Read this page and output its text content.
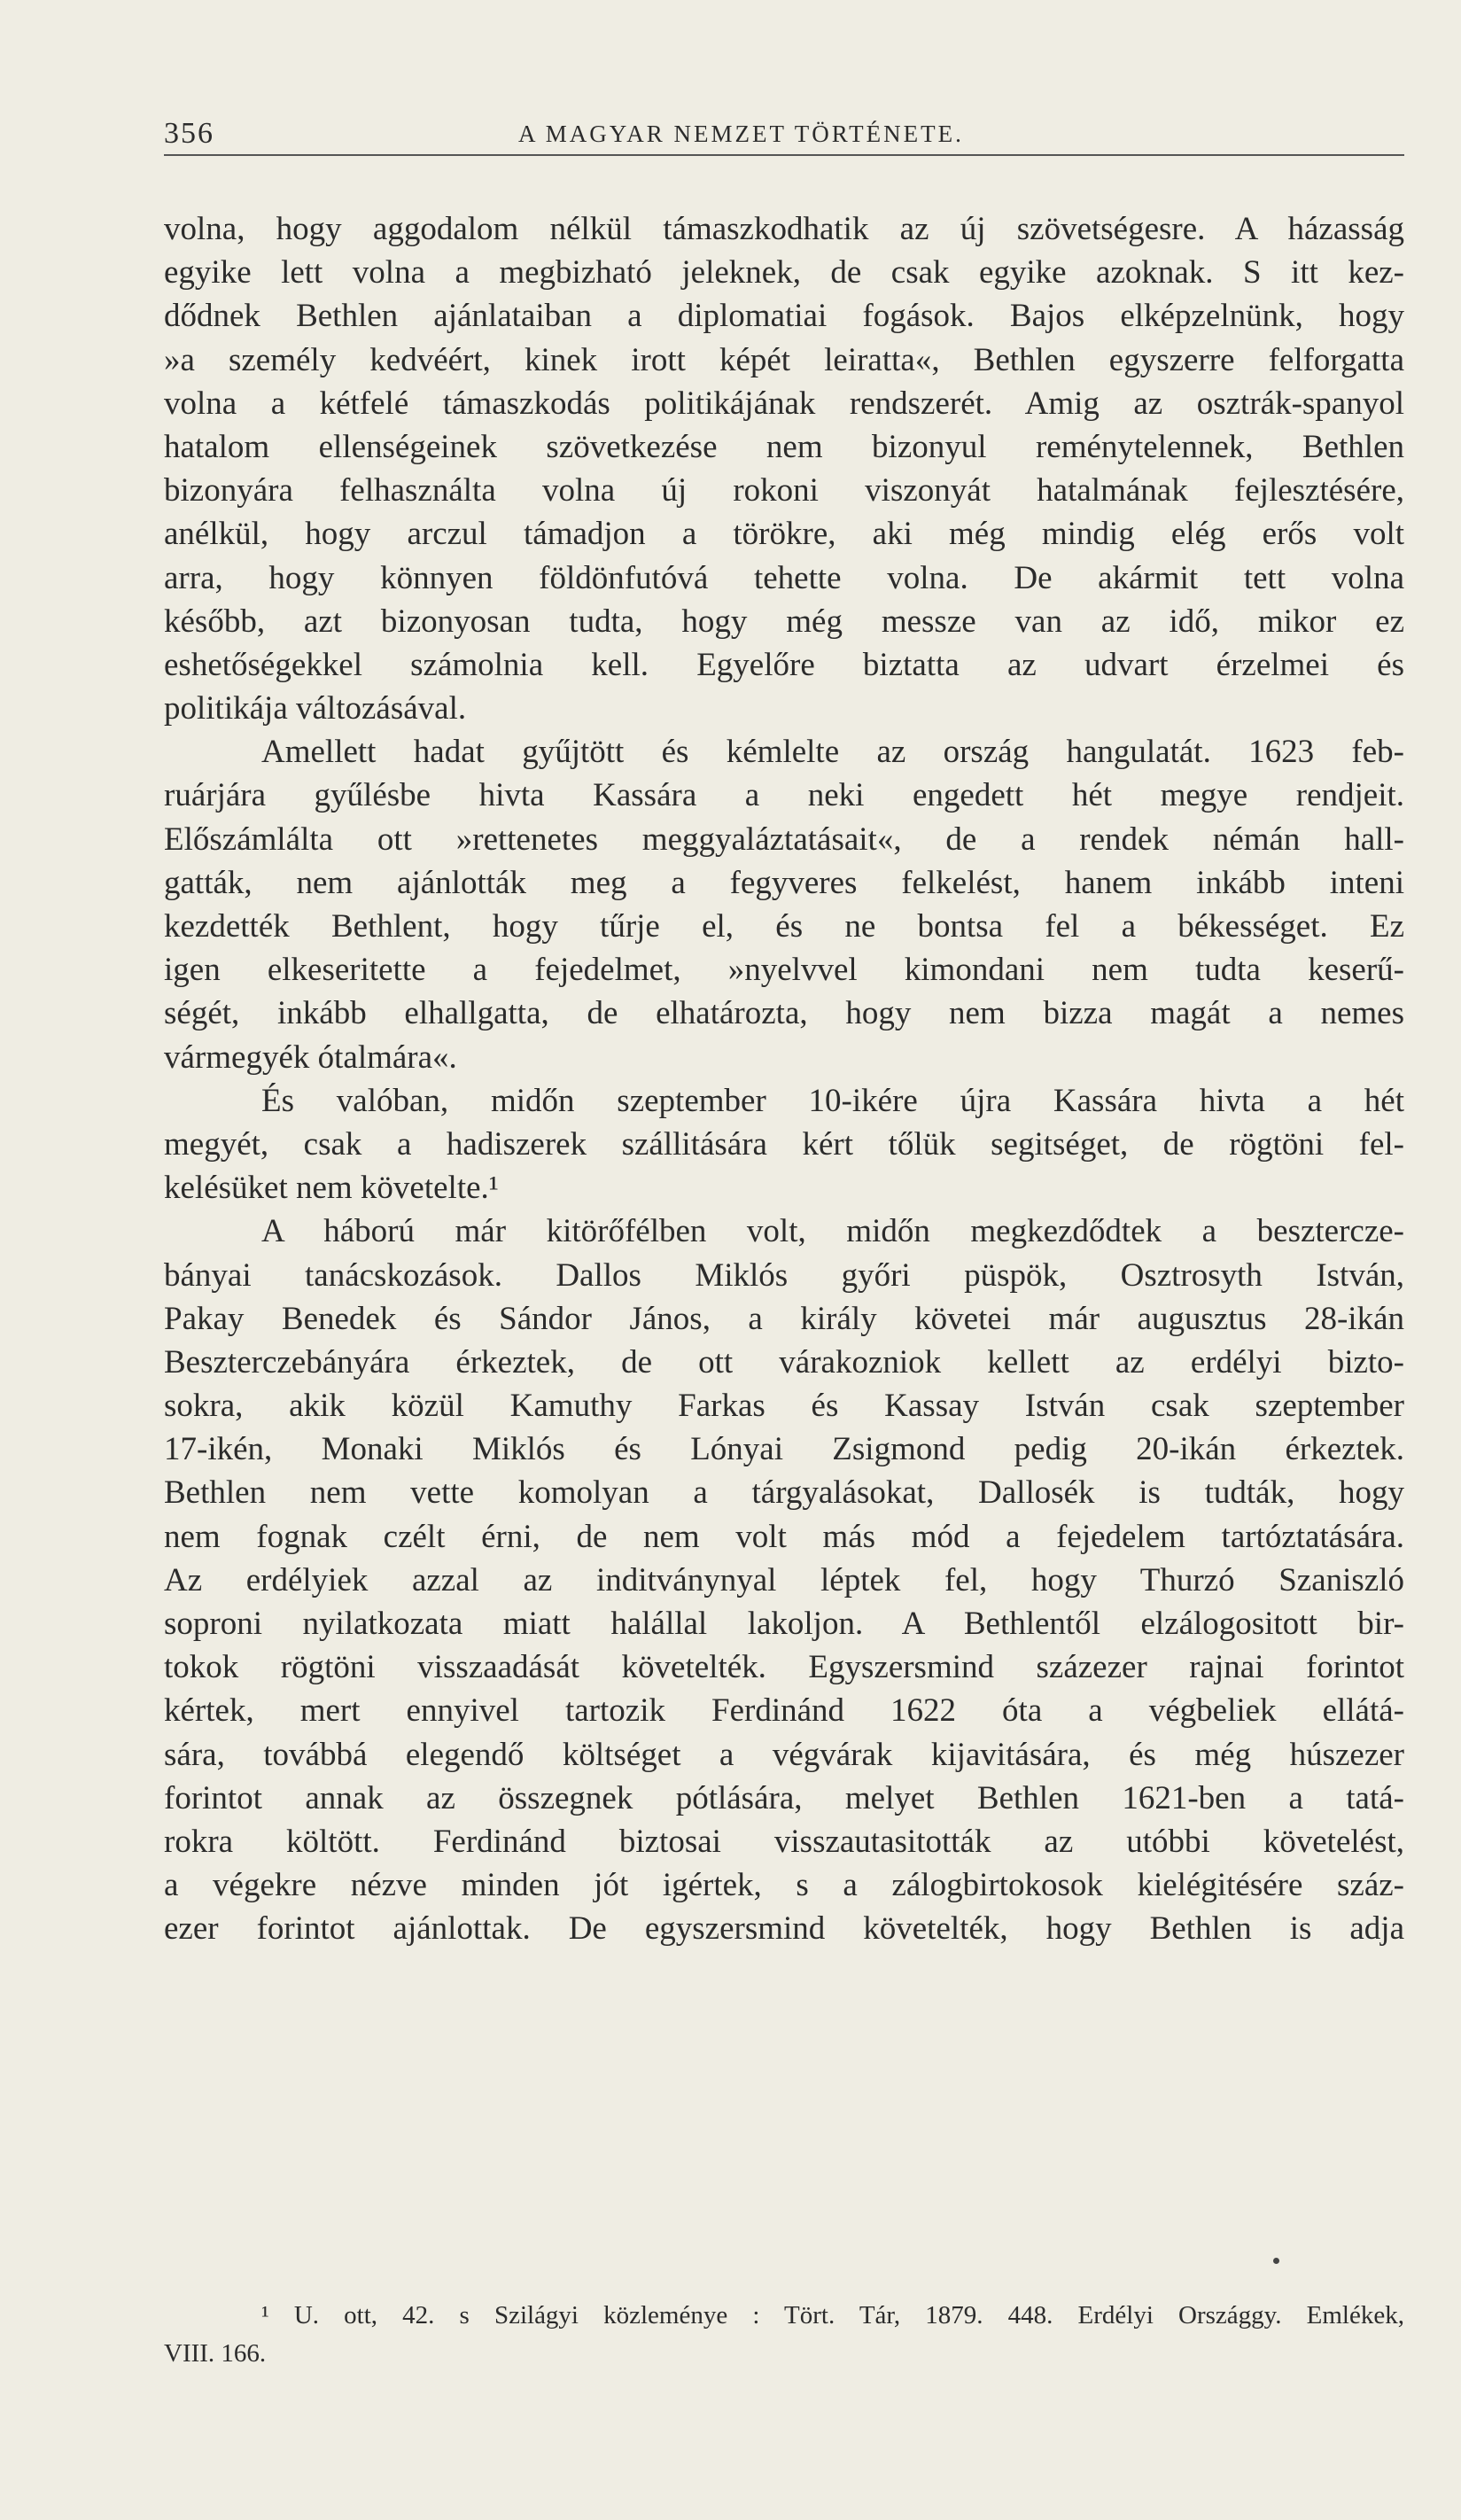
356	A MAGYAR NEMZET TÖRTÉNETE.
volna, hogy aggodalom nélkül támaszkodhatik az új szövetségesre. A házasság
egyike lett volna a megbizható jeleknek, de csak egyike azoknak. S itt kez-
dődnek Bethlen ajánlataiban a diplomatiai fogások. Bajos elképzelnünk, hogy
»a személy kedvéért, kinek irott képét leiratta«, Bethlen egyszerre felforgatta
volna a kétfelé támaszkodás politikájának rendszerét. Amig az osztrák-spanyol
hatalom ellenségeinek szövetkezése nem bizonyul reménytelennek, Bethlen
bizonyára felhasználta volna új rokoni viszonyát hatalmának fejlesztésére,
anélkül, hogy arczul támadjon a törökre, aki még mindig elég erős volt
arra, hogy könnyen földönfutóvá tehette volna. De akármit tett volna
később, azt bizonyosan tudta, hogy még messze van az idő, mikor ez
eshetőségekkel számolnia kell. Egyelőre biztatta az udvart érzelmei és
politikája változásával.
Amellett hadat gyűjtött és kémlelte az ország hangulatát. 1623 feb-
ruárjára gyűlésbe hivta Kassára a neki engedett hét megye rendjeit.
Előszámlálta ott »rettenetes meggyaláztatásait«, de a rendek némán hall-
gatták, nem ajánlották meg a fegyveres felkelést, hanem inkább inteni
kezdették Bethlent, hogy tűrje el, és ne bontsa fel a békességet. Ez
igen elkeseritette a fejedelmet, »nyelvvel kimondani nem tudta keserű-
ségét, inkább elhallgatta, de elhatározta, hogy nem bizza magát a nemes
vármegyék ótalmára«.
És valóban, midőn szeptember 10-ikére újra Kassára hivta a hét
megyét, csak a hadiszerek szállitására kért tőlük segitséget, de rögtöni fel-
kelésüket nem követelte.¹
A háború már kitörőfélben volt, midőn megkezdődtek a besztercze-
bányai tanácskozások. Dallos Miklós győri püspök, Osztrosyth István,
Pakay Benedek és Sándor János, a király követei már augusztus 28-ikán
Beszterczebányára érkeztek, de ott várakozniok kellett az erdélyi bizto-
sokra, akik közül Kamuthy Farkas és Kassay István csak szeptember
17-ikén, Monaki Miklós és Lónyai Zsigmond pedig 20-ikán érkeztek.
Bethlen nem vette komolyan a tárgyalásokat, Dallosék is tudták, hogy
nem fognak czélt érni, de nem volt más mód a fejedelem tartóztatására.
Az erdélyiek azzal az inditványnyal léptek fel, hogy Thurzó Szaniszló
soproni nyilatkozata miatt halállal lakoljon. A Bethlentől elzálogositott bir-
tokok rögtöni visszaadását követelték. Egyszersmind százezer rajnai forintot
kértek, mert ennyivel tartozik Ferdinánd 1622 óta a végbeliek ellátá-
sára, továbbá elegendő költséget a végvárak kijavitására, és még húszezer
forintot annak az összegnek pótlására, melyet Bethlen 1621-ben a tatá-
rokra költött. Ferdinánd biztosai visszautasitották az utóbbi követelést,
a végekre nézve minden jót igértek, s a zálogbirtokosok kielégitésére száz-
ezer forintot ajánlottak. De egyszersmind követelték, hogy Bethlen is adja
¹ U. ott, 42. s Szilágyi közleménye : Tört. Tár, 1879. 448. Erdélyi Országgy. Emlékek,
VIII. 166.
